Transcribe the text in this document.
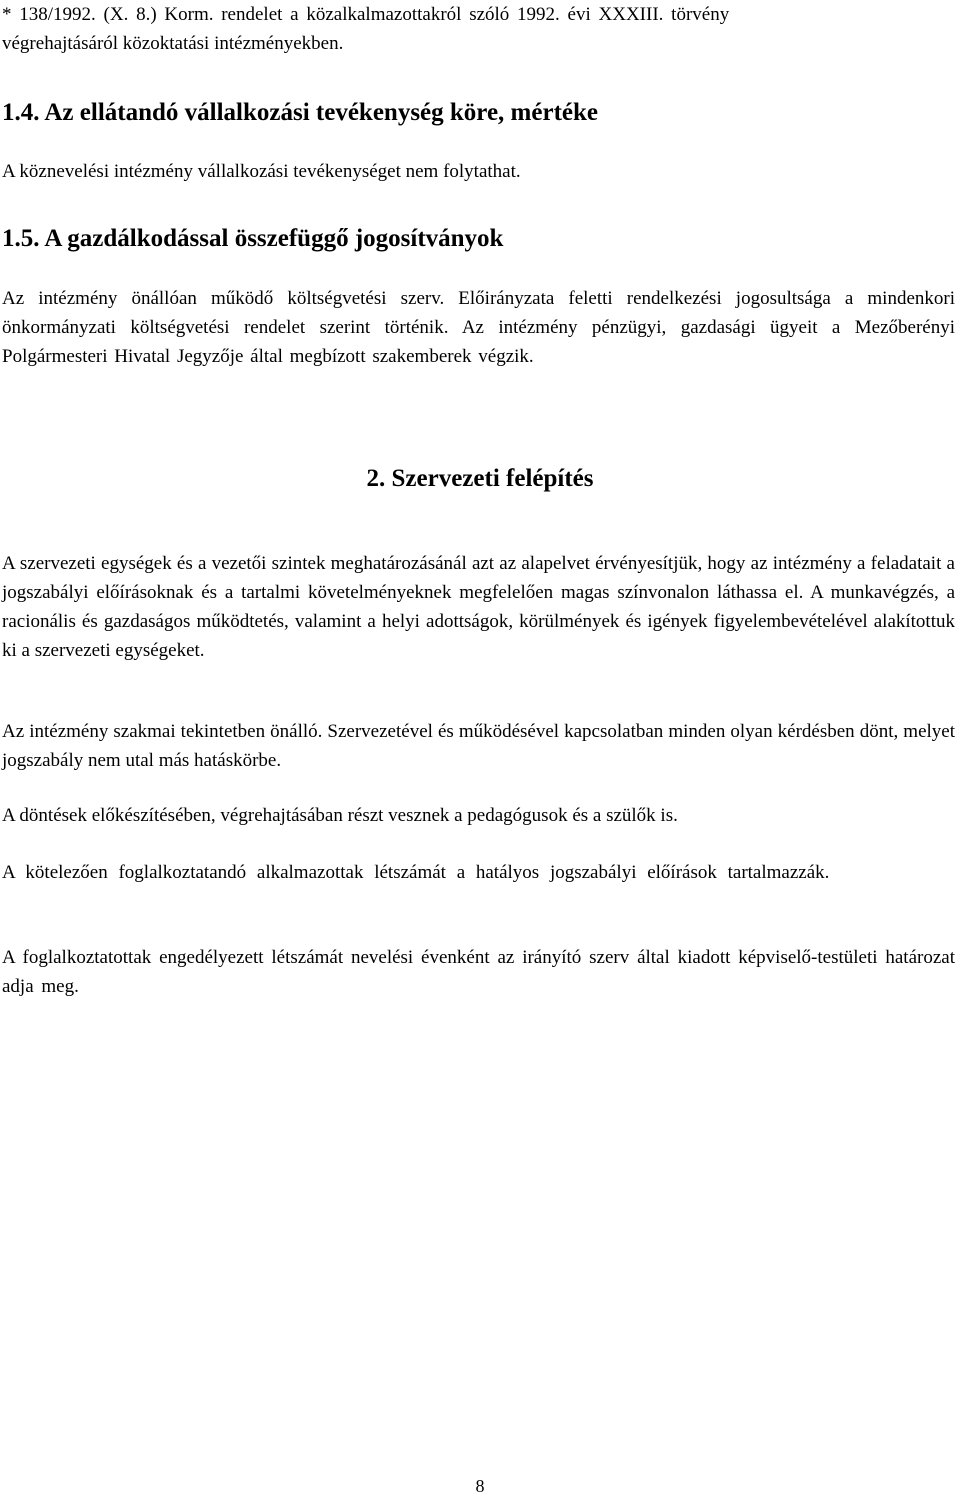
* 138/1992. (X. 8.) Korm. rendelet a közalkalmazottakról szóló 1992. évi XXXIII. törvény

végrehajtásáról közoktatási intézményekben.

1.4. Az ellátandó vállalkozási tevékenység köre, mértéke

A köznevelési intézmény vállalkozási tevékenységet nem folytathat.

1.5. A gazdálkodással összefüggő jogosítványok

Az intézmény önállóan működő költségvetési szerv. Előirányzata feletti rendelkezési jogosultsága a mindenkori önkormányzati költségvetési rendelet szerint történik. Az intézmény pénzügyi, gazdasági ügyeit a Mezőberényi Polgármesteri Hivatal Jegyzője által megbízott szakemberek végzik.

2. Szervezeti felépítés

A szervezeti egységek és a vezetői szintek meghatározásánál azt az alapelvet érvényesítjük, hogy az intézmény a feladatait a jogszabályi előírásoknak és a tartalmi követelményeknek megfelelően magas színvonalon láthassa el. A munkavégzés, a racionális és gazdaságos működtetés, valamint a helyi adottságok, körülmények és igények figyelembevételével alakítottuk ki a szervezeti egységeket.

Az intézmény szakmai tekintetben önálló. Szervezetével és működésével kapcsolatban minden olyan kérdésben dönt, melyet jogszabály nem utal más hatáskörbe.

A döntések előkészítésében, végrehajtásában részt vesznek a pedagógusok és a szülők is.

A kötelezően foglalkoztatandó alkalmazottak létszámát a hatályos jogszabályi előírások tartalmazzák.

A foglalkoztatottak engedélyezett létszámát nevelési évenként az irányító szerv által kiadott képviselő-testületi határozat adja meg.

8
